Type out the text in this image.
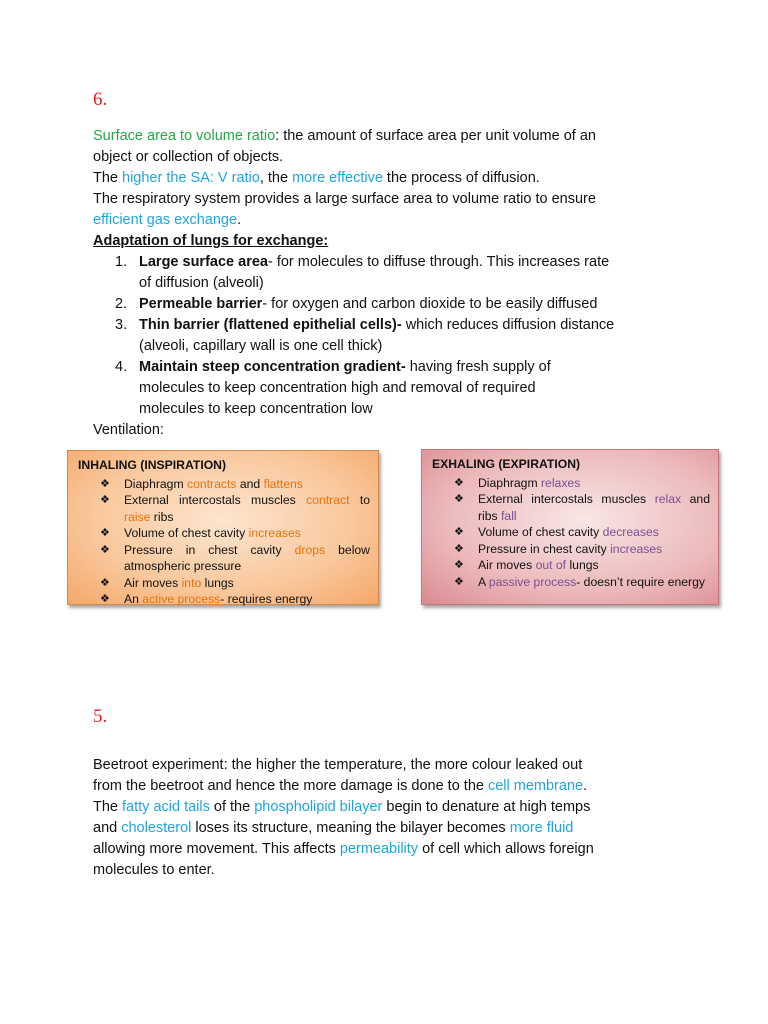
6.
Surface area to volume ratio: the amount of surface area per unit volume of an
object or collection of objects.
The higher the SA: V ratio, the more effective the process of diffusion.
The respiratory system provides a large surface area to volume ratio to ensure
efficient gas exchange.
Adaptation of lungs for exchange:
1. Large surface area- for molecules to diffuse through. This increases rate
of diffusion (alveoli)
2. Permeable barrier- for oxygen and carbon dioxide to be easily diffused
3. Thin barrier (flattened epithelial cells)- which reduces diffusion distance
(alveoli, capillary wall is one cell thick)
4. Maintain steep concentration gradient- having fresh supply of
molecules to keep concentration high and removal of required
molecules to keep concentration low
Ventilation:
INHALING (INSPIRATION)
❖ Diaphragm contracts and flattens
❖ External intercostals muscles contract to raise ribs
❖ Volume of chest cavity increases
❖ Pressure in chest cavity drops below atmospheric pressure
❖ Air moves into lungs
❖ An active process- requires energy
EXHALING (EXPIRATION)
❖ Diaphragm relaxes
❖ External intercostals muscles relax and ribs fall
❖ Volume of chest cavity decreases
❖ Pressure in chest cavity increases
❖ Air moves out of lungs
❖ A passive process- doesn’t require energy
5.
Beetroot experiment: the higher the temperature, the more colour leaked out
from the beetroot and hence the more damage is done to the cell membrane.
The fatty acid tails of the phospholipid bilayer begin to denature at high temps
and cholesterol loses its structure, meaning the bilayer becomes more fluid
allowing more movement. This affects permeability of cell which allows foreign
molecules to enter.
